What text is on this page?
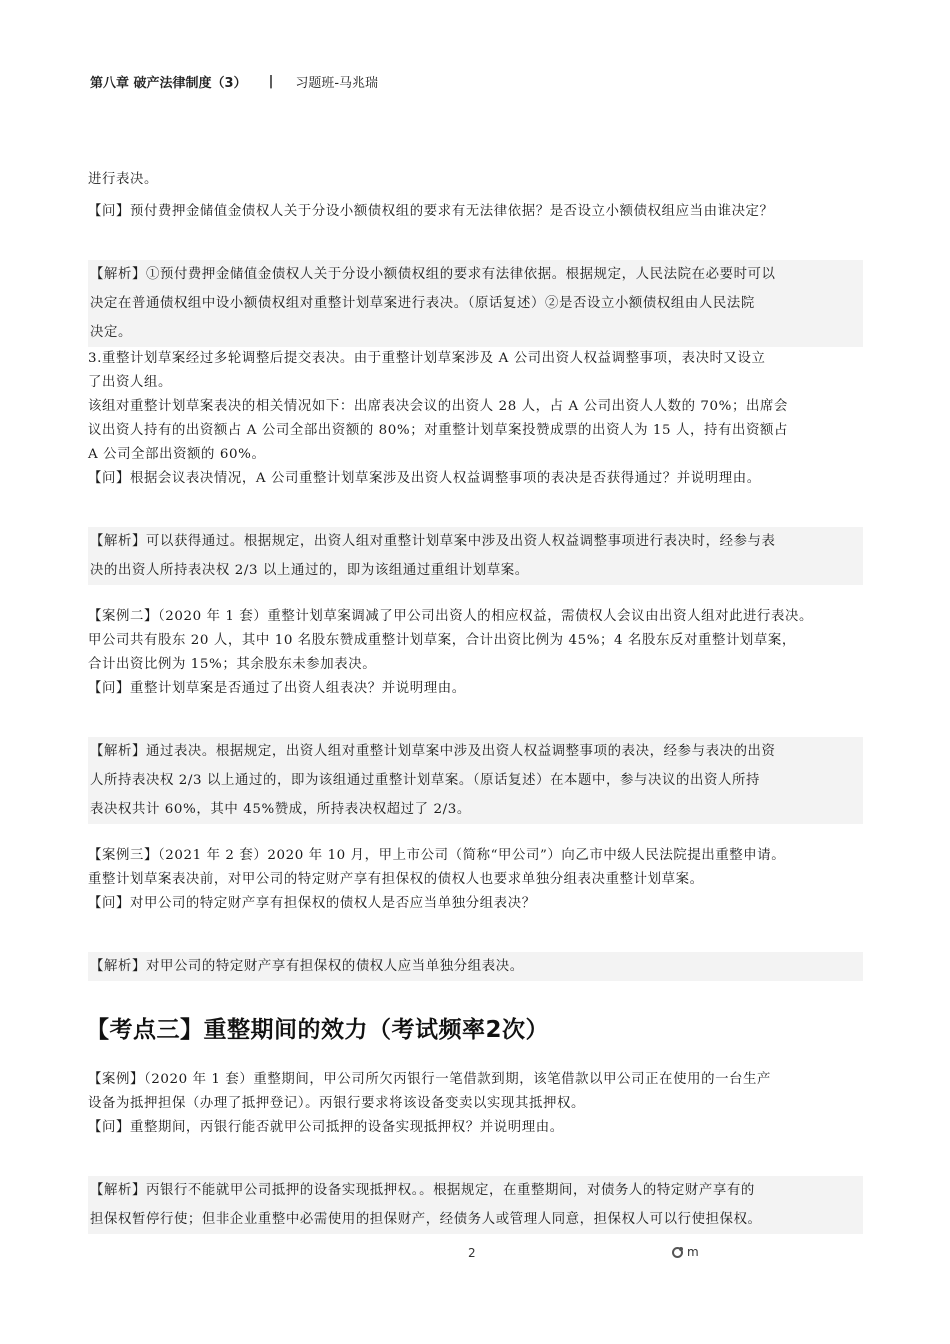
第八章 破产法律制度（3） | 习题班-马兆瑞
进行表决。
【问】预付费押金储值金债权人关于分设小额债权组的要求有无法律依据？是否设立小额债权组应当由谁决定？
【解析】①预付费押金储值金债权人关于分设小额债权组的要求有法律依据。根据规定，人民法院在必要时可以
决定在普通债权组中设小额债权组对重整计划草案进行表决。（原话复述）②是否设立小额债权组由人民法院
决定。
3.重整计划草案经过多轮调整后提交表决。由于重整计划草案涉及 A 公司出资人权益调整事项，表决时又设立
了出资人组。
该组对重整计划草案表决的相关情况如下：出席表决会议的出资人 28 人，占 A 公司出资人人数的 70%；出席会
议出资人持有的出资额占 A 公司全部出资额的 80%；对重整计划草案投赞成票的出资人为 15 人，持有出资额占
A 公司全部出资额的 60%。
【问】根据会议表决情况，A 公司重整计划草案涉及出资人权益调整事项的表决是否获得通过？并说明理由。
【解析】可以获得通过。根据规定，出资人组对重整计划草案中涉及出资人权益调整事项进行表决时，经参与表
决的出资人所持表决权 2/3 以上通过的，即为该组通过重组计划草案。
【案例二】（2020 年 1 套）重整计划草案调减了甲公司出资人的相应权益，需债权人会议由出资人组对此进行表决。
甲公司共有股东 20 人，其中 10 名股东赞成重整计划草案，合计出资比例为 45%；4 名股东反对重整计划草案，
合计出资比例为 15%；其余股东未参加表决。
【问】重整计划草案是否通过了出资人组表决？并说明理由。
【解析】通过表决。根据规定，出资人组对重整计划草案中涉及出资人权益调整事项的表决，经参与表决的出资
人所持表决权 2/3 以上通过的，即为该组通过重整计划草案。（原话复述）在本题中，参与决议的出资人所持
表决权共计 60%，其中 45%赞成，所持表决权超过了 2/3。
【案例三】（2021 年 2 套）2020 年 10 月，甲上市公司（简称“甲公司”）向乙市中级人民法院提出重整申请。
重整计划草案表决前，对甲公司的特定财产享有担保权的债权人也要求单独分组表决重整计划草案。
【问】对甲公司的特定财产享有担保权的债权人是否应当单独分组表决？
【解析】对甲公司的特定财产享有担保权的债权人应当单独分组表决。
【考点三】重整期间的效力（考试频率2次）
【案例】（2020 年 1 套）重整期间，甲公司所欠丙银行一笔借款到期，该笔借款以甲公司正在使用的一台生产
设备为抵押担保（办理了抵押登记）。丙银行要求将该设备变卖以实现其抵押权。
【问】重整期间，丙银行能否就甲公司抵押的设备实现抵押权？并说明理由。
【解析】丙银行不能就甲公司抵押的设备实现抵押权。。根据规定，在重整期间，对债务人的特定财产享有的
担保权暂停行使；但非企业重整中必需使用的担保财产，经债务人或管理人同意，担保权人可以行使担保权。
2	m
